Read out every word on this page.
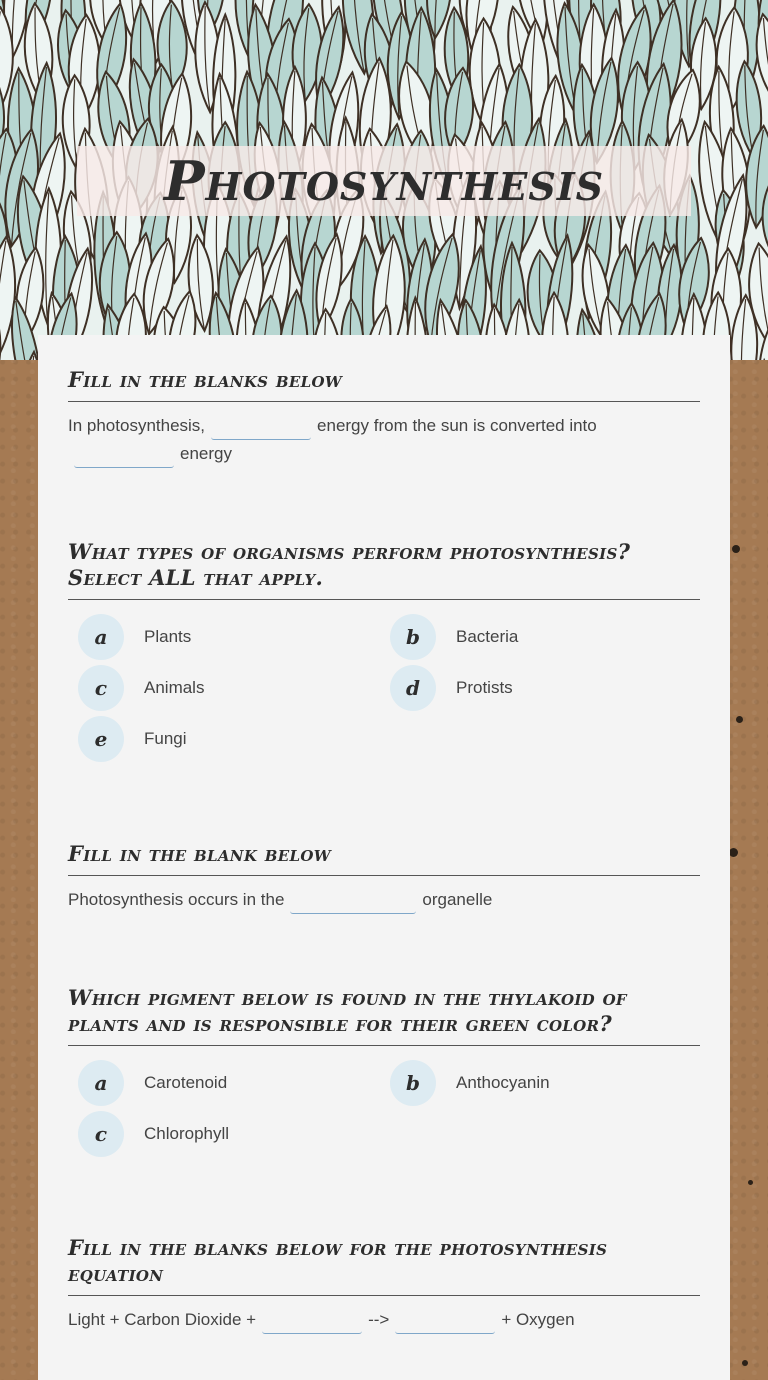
Photosynthesis
Fill in the blanks below
In photosynthesis,	energy from the sun is converted into
energy
What types of organisms perform photosynthesis? Select ALL that apply.
a	Plants	b	Bacteria
c	Animals	d	Protists
e	Fungi
Fill in the blank below
Photosynthesis occurs in the	organelle
Which pigment below is found in the thylakoid of plants and is responsible for their green color?
a	Carotenoid	b	Anthocyanin
c	Chlorophyll
Fill in the blanks below for the photosynthesis equation
Light + Carbon Dioxide +	-->	+ Oxygen
